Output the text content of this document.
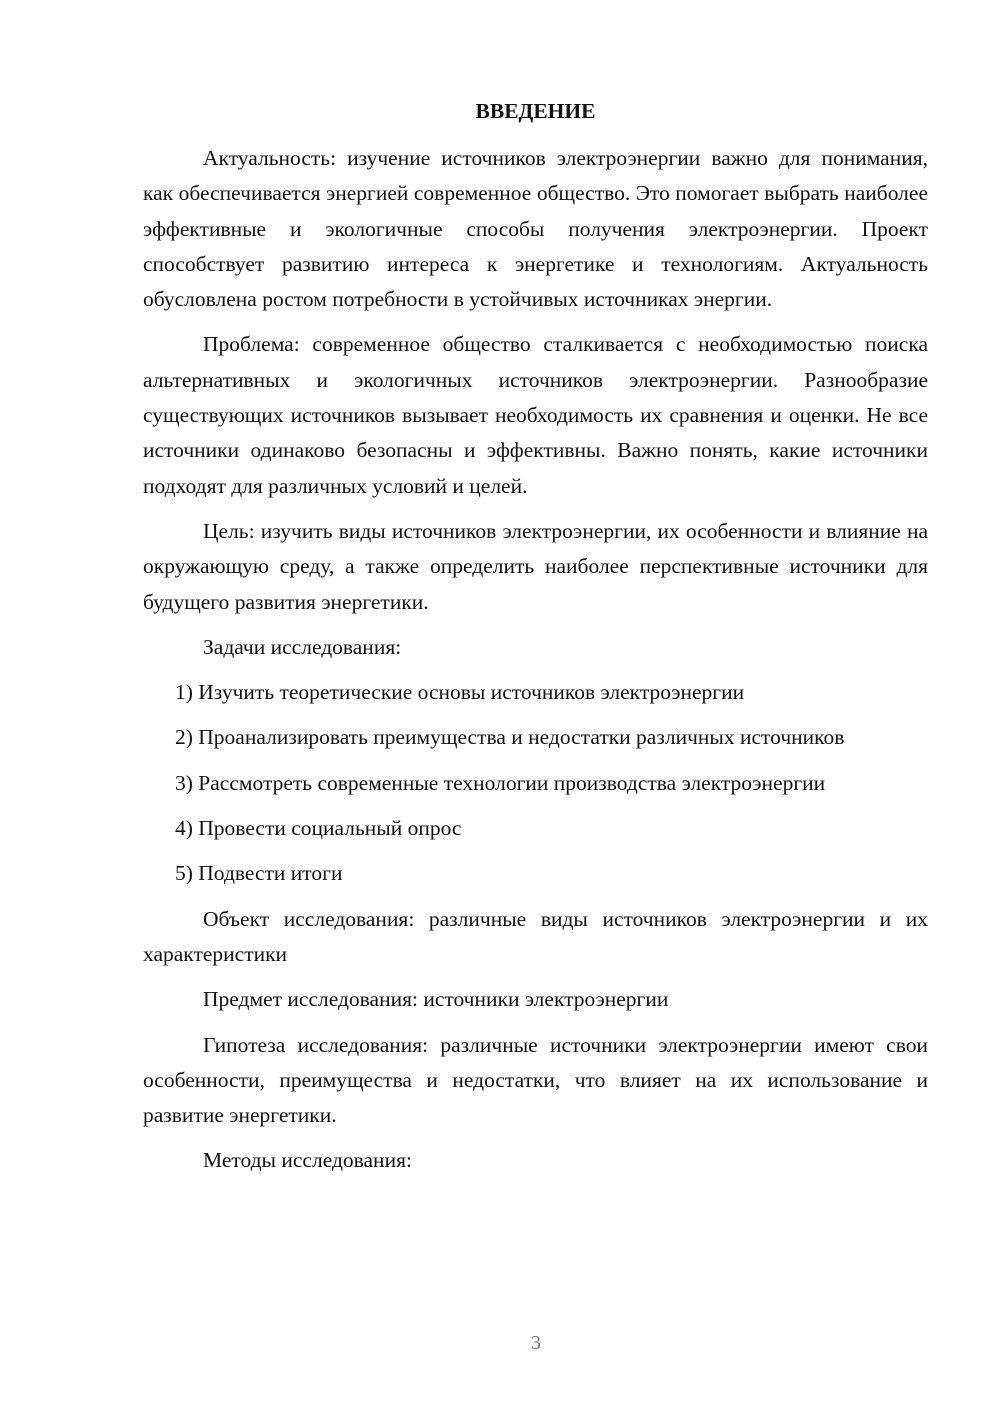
ВВЕДЕНИЕ

Актуальность: изучение источников электроэнергии важно для понимания, как обеспечивается энергией современное общество. Это помогает выбрать наиболее эффективные и экологичные способы получения электроэнергии. Проект способствует развитию интереса к энергетике и технологиям. Актуальность обусловлена ростом потребности в устойчивых источниках энергии.

Проблема: современное общество сталкивается с необходимостью поиска альтернативных и экологичных источников электроэнергии. Разнообразие существующих источников вызывает необходимость их сравнения и оценки. Не все источники одинаково безопасны и эффективны. Важно понять, какие источники подходят для различных условий и целей.

Цель: изучить виды источников электроэнергии, их особенности и влияние на окружающую среду, а также определить наиболее перспективные источники для будущего развития энергетики.

Задачи исследования:

1) Изучить теоретические основы источников электроэнергии

2) Проанализировать преимущества и недостатки различных источников

3) Рассмотреть современные технологии производства электроэнергии

4) Провести социальный опрос

5) Подвести итоги

Объект исследования: различные виды источников электроэнергии и их характеристики

Предмет исследования: источники электроэнергии

Гипотеза исследования: различные источники электроэнергии имеют свои особенности, преимущества и недостатки, что влияет на их использование и развитие энергетики.

Методы исследования:

3
